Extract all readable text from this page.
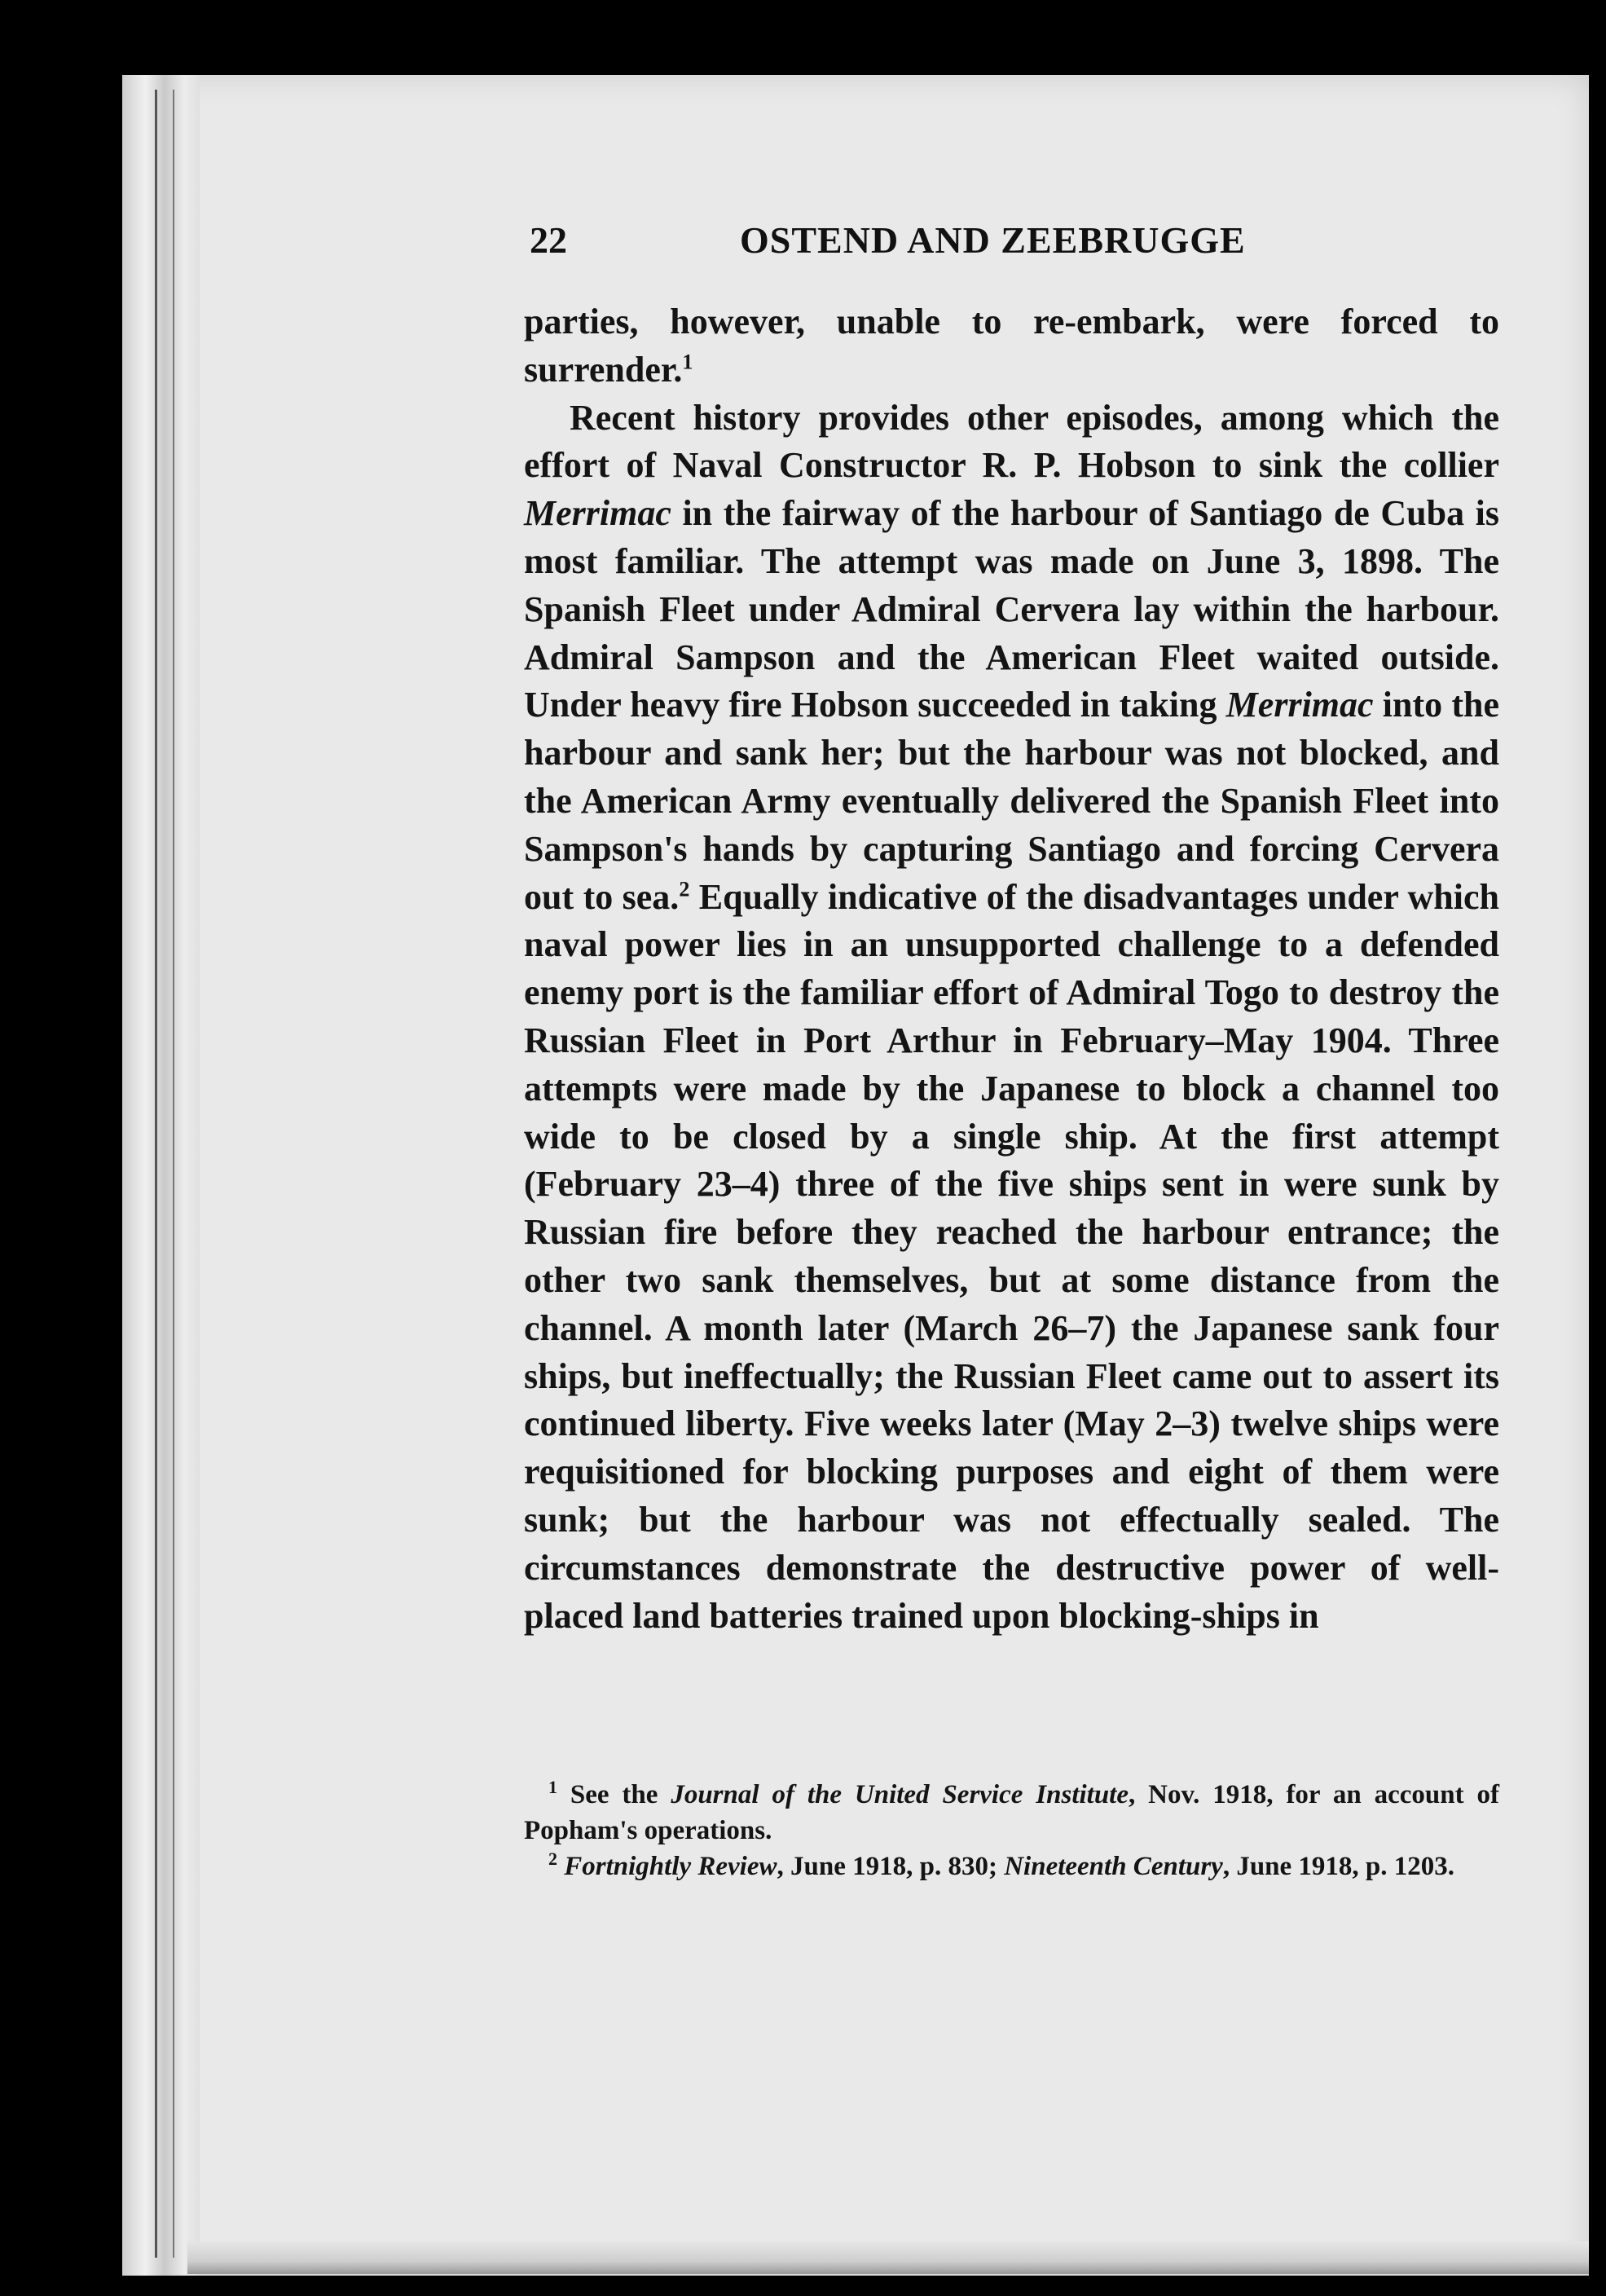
22	OSTEND AND ZEEBRUGGE

parties, however, unable to re-embark, were forced to surrender.$^1$

Recent history provides other episodes, among which the effort of Naval Constructor R. P. Hobson to sink the collier Merrimac in the fairway of the harbour of Santiago de Cuba is most familiar. The attempt was made on June 3, 1898. The Spanish Fleet under Admiral Cervera lay within the harbour. Admiral Sampson and the American Fleet waited outside. Under heavy fire Hobson succeeded in taking Merrimac into the harbour and sank her; but the harbour was not blocked, and the American Army eventually delivered the Spanish Fleet into Sampson's hands by capturing Santiago and forcing Cervera out to sea.$^2$ Equally indicative of the disadvantages under which naval power lies in an unsupported challenge to a defended enemy port is the familiar effort of Admiral Togo to destroy the Russian Fleet in Port Arthur in February–May 1904. Three attempts were made by the Japanese to block a channel too wide to be closed by a single ship. At the first attempt (February 23–4) three of the five ships sent in were sunk by Russian fire before they reached the harbour entrance; the other two sank themselves, but at some distance from the channel. A month later (March 26–7) the Japanese sank four ships, but ineffectually; the Russian Fleet came out to assert its continued liberty. Five weeks later (May 2–3) twelve ships were requisitioned for blocking purposes and eight of them were sunk; but the harbour was not effectually sealed. The circumstances demonstrate the destructive power of well-placed land batteries trained upon blocking-ships in

$^1$ See the Journal of the United Service Institute, Nov. 1918, for an account of Popham's operations.

$^2$ Fortnightly Review, June 1918, p. 830; Nineteenth Century, June 1918, p. 1203.
